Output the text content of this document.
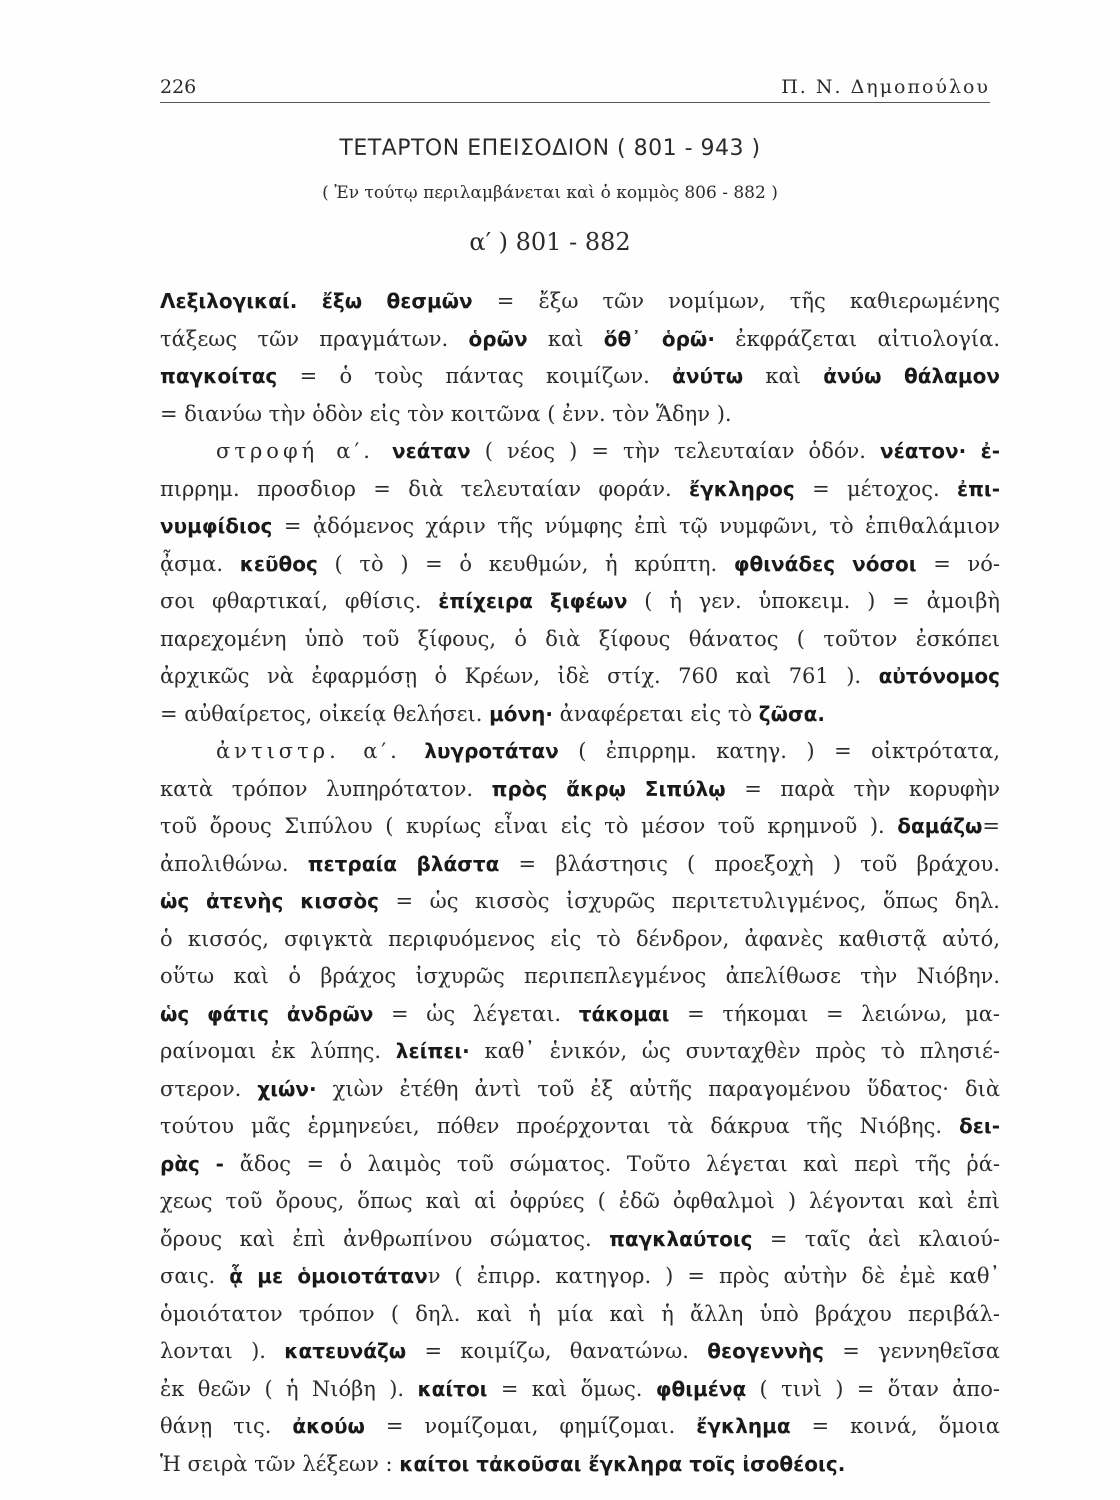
226	Π. Ν. Δημοπούλου
ΤΕΤΑΡΤΟΝ ΕΠΕΙΣΟΔΙΟΝ ( 801 - 943 )
( Ἐν τούτῳ περιλαμβάνεται καὶ ὁ κομμὸς 806 - 882 )
α′ ) 801 - 882
Λεξιλογικαί. ἔξω θεσμῶν = ἔξω τῶν νομίμων, τῆς καθιερωμένης
τάξεως τῶν πραγμάτων. ὁρῶν καὶ ὅθ᾿ ὁρῶ· ἐκφράζεται αἰτιολογία.
παγκοίτας = ὁ τοὺς πάντας κοιμίζων. ἀνύτω καὶ ἀνύω θάλαμον
= διανύω τὴν ὁδὸν εἰς τὸν κοιτῶνα ( ἐνν. τὸν Ἅδην ).
στροφή α′. νεάταν ( νέος ) = τὴν τελευταίαν ὁδόν. νέατον· ἐ-
πιρρημ. προσδιορ = διὰ τελευταίαν φοράν. ἔγκληρος = μέτοχος. ἐπι-
νυμφίδιος = ᾀδόμενος χάριν τῆς νύμφης ἐπὶ τῷ νυμφῶνι, τὸ ἐπιθαλάμιον
ᾆσμα. κεῦθος ( τὸ ) = ὁ κευθμών, ἡ κρύπτη. φθινάδες νόσοι = νό-
σοι φθαρτικαί, φθίσις. ἐπίχειρα ξιφέων ( ἡ γεν. ὑποκειμ. ) = ἀμοιβὴ
παρεχομένη ὑπὸ τοῦ ξίφους, ὁ διὰ ξίφους θάνατος ( τοῦτον ἐσκόπει
ἀρχικῶς νὰ ἐφαρμόσῃ ὁ Κρέων, ἰδὲ στίχ. 760 καὶ 761 ). αὐτόνομος
= αὐθαίρετος, οἰκείᾳ θελήσει. μόνη· ἀναφέρεται εἰς τὸ ζῶσα.
ἀντιστρ. α′. λυγροτάταν ( ἐπιρρημ. κατηγ. ) = οἰκτρότατα,
κατὰ τρόπον λυπηρότατον. πρὸς ἄκρῳ Σιπύλῳ = παρὰ τὴν κορυφὴν
τοῦ ὄρους Σιπύλου ( κυρίως εἶναι εἰς τὸ μέσον τοῦ κρημνοῦ ). δαμάζω=
ἀπολιθώνω. πετραία βλάστα = βλάστησις ( προεξοχὴ ) τοῦ βράχου.
ὡς ἀτενὴς κισσὸς = ὡς κισσὸς ἰσχυρῶς περιτετυλιγμένος, ὅπως δηλ.
ὁ κισσός, σφιγκτὰ περιφυόμενος εἰς τὸ δένδρον, ἀφανὲς καθιστᾷ αὐτό,
οὕτω καὶ ὁ βράχος ἰσχυρῶς περιπεπλεγμένος ἀπελίθωσε τὴν Νιόβην.
ὡς φάτις ἀνδρῶν = ὡς λέγεται. τάκομαι = τήκομαι = λειώνω, μα-
ραίνομαι ἐκ λύπης. λείπει· καθ᾿ ἑνικόν, ὡς συνταχθὲν πρὸς τὸ πλησιέ-
στερον. χιών· χιὼν ἐτέθη ἀντὶ τοῦ ἐξ αὐτῆς παραγομένου ὕδατος· διὰ
τούτου μᾶς ἑρμηνεύει, πόθεν προέρχονται τὰ δάκρυα τῆς Νιόβης. δει-
ρὰς - ἄδος = ὁ λαιμὸς τοῦ σώματος. Τοῦτο λέγεται καὶ περὶ τῆς ῥά-
χεως τοῦ ὄρους, ὅπως καὶ αἱ ὀφρύες ( ἐδῶ ὀφθαλμοὶ ) λέγονται καὶ ἐπὶ
ὄρους καὶ ἐπὶ ἀνθρωπίνου σώματος. παγκλαύτοις = ταῖς ἀεὶ κλαιού-
σαις. ᾇ με ὁμοιοτάτανν ( ἐπιρρ. κατηγορ. ) = πρὸς αὐτὴν δὲ ἐμὲ καθ᾿
ὁμοιότατον τρόπον ( δηλ. καὶ ἡ μία καὶ ἡ ἄλλη ὑπὸ βράχου περιβάλ-
λονται ). κατευνάζω = κοιμίζω, θανατώνω. θεογεννὴς = γεννηθεῖσα
ἐκ θεῶν ( ἡ Νιόβη ). καίτοι = καὶ ὅμως. φθιμένᾳ ( τινὶ ) = ὅταν ἀπο-
θάνῃ τις. ἀκούω = νομίζομαι, φημίζομαι. ἔγκλημα = κοινά, ὅμοια
Ἡ σειρὰ τῶν λέξεων : καίτοι τἀκοῦσαι ἔγκληρα τοῖς ἰσοθέοις.
